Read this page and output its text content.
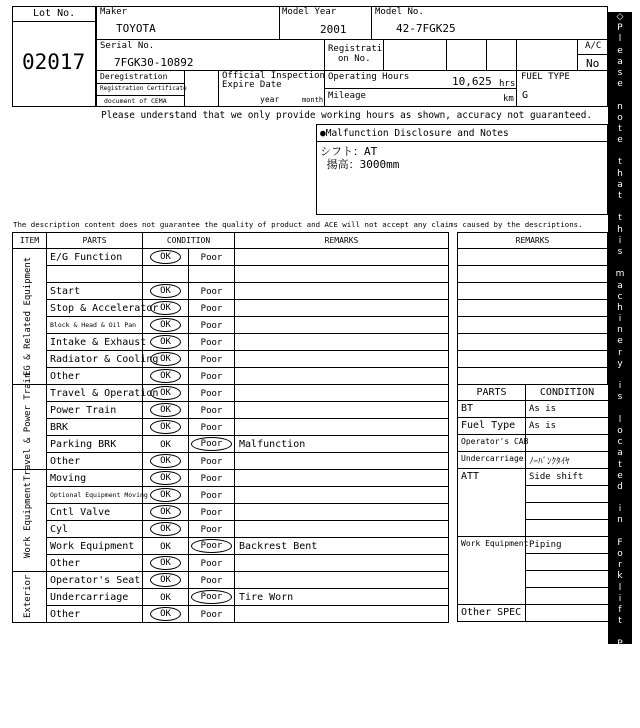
Lot No.
02017
Maker
TOYOTA
Model Year
2001
Model No.
42-7FGK25
Serial No.
7FGK30-10892
Registrati
on No.
A/C
No
Deregistration
Registration Certificate
document of CEMA
Official Inspection
Expire Date
year	month
Operating Hours	10,625 hrs
Mileage	km
FUEL TYPE
G
Please understand that we only provide working hours as shown, accuracy not guaranteed.
●Malfunction Disclosure and Notes
シフト：AT
揚高：3000mm
The description content does not guarantee the quality of product and ACE will not accept any claims caused by the descriptions.
ITEM	PARTS	CONDITION		REMARKS

EG & Related Equipment	E/G Function	OK	Poor	

	Start	OK	Poor	
	Stop & Accelerator	OK	Poor	
	Block & Head & Oil Pan	OK	Poor	
	Intake & Exhaust	OK	Poor	
	Radiator & Cooling	OK	Poor	
	Other	OK	Poor	

Travel & Power Train	Travel & Operation	OK	Poor	
	Power Train	OK	Poor	
	BRK	OK	Poor	
	Parking BRK	OK	Poor	Malfunction
	Other	OK	Poor	

Work Equipment	Moving	OK	Poor	
	Optional Equipment Moving	OK	Poor	
	Cntl Valve	OK	Poor	
	Cyl	OK	Poor	
	Work Equipment	OK	Poor	Backrest Bent
	Other	OK	Poor	

Exterior	Operator's Seat	OK	Poor	
	Undercarriage	OK	Poor	Tire Worn
	Other	OK	Poor	
REMARKS

PARTS	CONDITION
BT	As is
Fuel Type	As is
Operator's CAB	
Undercarriage	ﾉｰﾊﾞﾝｸﾀｲﾔ
ATT	Side shift

Work Equipment	Piping

Other SPEC	
◇
P
l
e
a
s
e

n
o
t
e

t
h
a
t

t
h
i
s

m
a
c
h
i
n
e
r
y

i
s

l
o
c
a
t
e
d

i
n

F
o
r
k
l
i
f
t

P
a
r
k
i
n
g
◇
